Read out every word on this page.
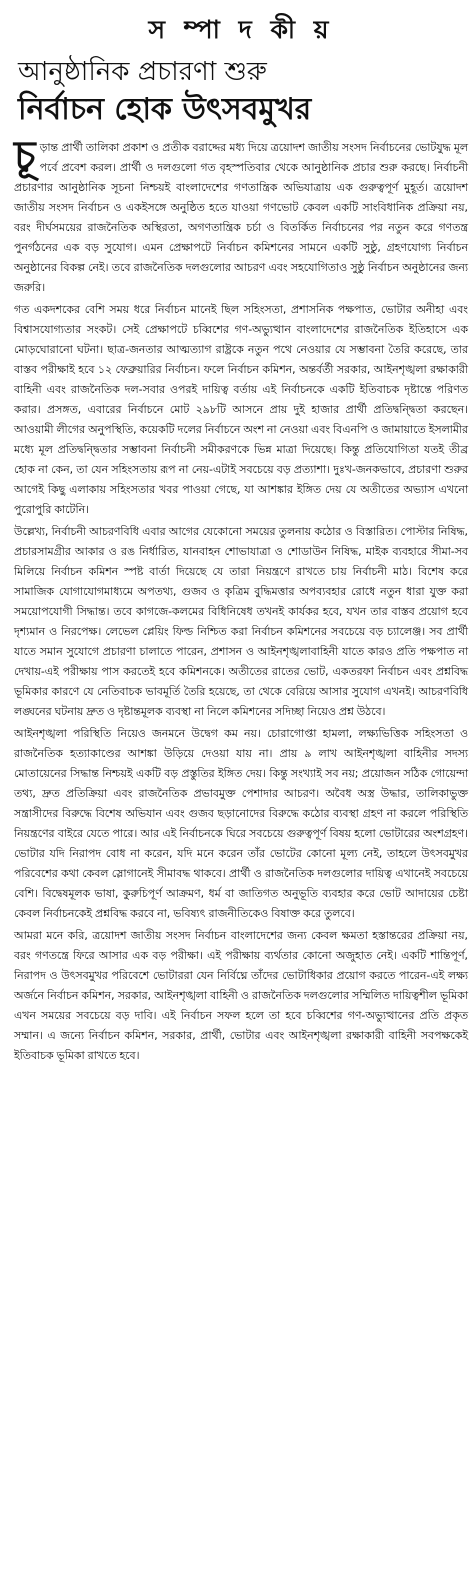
স ম্পা দ কী য়
আনুষ্ঠানিক প্রচারণা শুরু
নির্বাচন হোক উৎসবমুখর

চূড়ান্ত প্রার্থী তালিকা প্রকাশ ও প্রতীক বরাদ্দের মধ্য দিয়ে ত্রয়োদশ জাতীয় সংসদ নির্বাচনের ভোটযুদ্ধ মূল পর্বে প্রবেশ করল। প্রার্থী ও দলগুলো গত বৃহস্পতিবার থেকে আনুষ্ঠানিক প্রচার শুরু করছে। নির্বাচনী প্রচারণার আনুষ্ঠানিক সূচনা নিশ্চয়ই বাংলাদেশের গণতান্ত্রিক অভিযাত্রায় এক গুরুত্বপূর্ণ মুহূর্ত। ত্রয়োদশ জাতীয় সংসদ নির্বাচন ও একইসঙ্গে অনুষ্ঠিত হতে যাওয়া গণভোট কেবল একটি সাংবিধানিক প্রক্রিয়া নয়, বরং দীর্ঘসময়ের রাজনৈতিক অস্থিরতা, অগণতান্ত্রিক চর্চা ও বিতর্কিত নির্বাচনের পর নতুন করে গণতন্ত্র পুনর্গঠনের এক বড় সুযোগ। এমন প্রেক্ষাপটে নির্বাচন কমিশনের সামনে একটি সুষ্ঠু, গ্রহণযোগ্য নির্বাচন অনুষ্ঠানের বিকল্প নেই। তবে রাজনৈতিক দলগুলোর আচরণ এবং সহযোগিতাও সুষ্ঠু নির্বাচন অনুষ্ঠানের জন্য জরুরি।

গত একদশকের বেশি সময় ধরে নির্বাচন মানেই ছিল সহিংসতা, প্রশাসনিক পক্ষপাত, ভোটার অনীহা এবং বিশ্বাসযোগ্যতার সংকট। সেই প্রেক্ষাপটে চব্বিশের গণ-অভ্যুত্থান বাংলাদেশের রাজনৈতিক ইতিহাসে এক মোড়ঘোরানো ঘটনা। ছাত্র-জনতার আত্মত্যাগ রাষ্ট্রকে নতুন পথে নেওয়ার যে সম্ভাবনা তৈরি করেছে, তার বাস্তব পরীক্ষাই হবে ১২ ফেব্রুয়ারির নির্বাচন। ফলে নির্বাচন কমিশন, অন্তর্বর্তী সরকার, আইনশৃঙ্খলা রক্ষাকারী বাহিনী এবং রাজনৈতিক দল-সবার ওপরই দায়িত্ব বর্তায় এই নির্বাচনকে একটি ইতিবাচক দৃষ্টান্তে পরিণত করার। প্রসঙ্গত, এবারের নির্বাচনে মোট ২৯৮টি আসনে প্রায় দুই হাজার প্রার্থী প্রতিদ্বন্দ্বিতা করছেন। আওয়ামী লীগের অনুপস্থিতি, কয়েকটি দলের নির্বাচনে অংশ না নেওয়া এবং বিএনপি ও জামায়াতে ইসলামীর মধ্যে মূল প্রতিদ্বন্দ্বিতার সম্ভাবনা নির্বাচনী সমীকরণকে ভিন্ন মাত্রা দিয়েছে। কিন্তু প্রতিযোগিতা যতই তীব্র হোক না কেন, তা যেন সহিংসতায় রূপ না নেয়-এটাই সবচেয়ে বড় প্রত্যাশা। দুঃখ-জনকভাবে, প্রচারণা শুরুর আগেই কিছু এলাকায় সহিংসতার খবর পাওয়া গেছে, যা আশঙ্কার ইঙ্গিত দেয় যে অতীতের অভ্যাস এখনো পুরোপুরি কাটেনি।

উল্লেখ্য, নির্বাচনী আচরণবিধি এবার আগের যেকোনো সময়ের তুলনায় কঠোর ও বিস্তারিত। পোস্টার নিষিদ্ধ, প্রচারসামগ্রীর আকার ও রঙ নির্ধারিত, যানবাহন শোভাযাত্রা ও শোডাউন নিষিদ্ধ, মাইক ব্যবহারে সীমা-সব মিলিয়ে নির্বাচন কমিশন স্পষ্ট বার্তা দিয়েছে যে তারা নিয়ন্ত্রণে রাখতে চায় নির্বাচনী মাঠ। বিশেষ করে সামাজিক যোগাযোগমাধ্যমে অপতথ্য, গুজব ও কৃত্রিম বুদ্ধিমত্তার অপব্যবহার রোধে নতুন ধারা যুক্ত করা সময়োপযোগী সিদ্ধান্ত। তবে কাগজে-কলমের বিধিনিষেধ তখনই কার্যকর হবে, যখন তার বাস্তব প্রয়োগ হবে দৃশ্যমান ও নিরপেক্ষ। লেভেল প্লেয়িং ফিল্ড নিশ্চিত করা নির্বাচন কমিশনের সবচেয়ে বড় চ্যালেঞ্জ। সব প্রার্থী যাতে সমান সুযোগে প্রচারণা চালাতে পারেন, প্রশাসন ও আইনশৃঙ্খলাবাহিনী যাতে কারও প্রতি পক্ষপাত না দেখায়-এই পরীক্ষায় পাস করতেই হবে কমিশনকে। অতীতের রাতের ভোট, একতরফা নির্বাচন এবং প্রশ্নবিদ্ধ ভূমিকার কারণে যে নেতিবাচক ভাবমূর্তি তৈরি হয়েছে, তা থেকে বেরিয়ে আসার সুযোগ এখনই। আচরণবিধি লঙ্ঘনের ঘটনায় দ্রুত ও দৃষ্টান্তমূলক ব্যবস্থা না নিলে কমিশনের সদিচ্ছা নিয়েও প্রশ্ন উঠবে।

আইনশৃঙ্খলা পরিস্থিতি নিয়েও জনমনে উদ্বেগ কম নয়। চোরাগোপ্তা হামলা, লক্ষ্যভিত্তিক সহিংসতা ও রাজনৈতিক হত্যাকাণ্ডের আশঙ্কা উড়িয়ে দেওয়া যায় না। প্রায় ৯ লাখ আইনশৃঙ্খলা বাহিনীর সদস্য মোতায়েনের সিদ্ধান্ত নিশ্চয়ই একটি বড় প্রস্তুতির ইঙ্গিত দেয়। কিন্তু সংখ্যাই সব নয়; প্রয়োজন সঠিক গোয়েন্দা তথ্য, দ্রুত প্রতিক্রিয়া এবং রাজনৈতিক প্রভাবমুক্ত পেশাদার আচরণ। অবৈধ অস্ত্র উদ্ধার, তালিকাভুক্ত সন্ত্রাসীদের বিরুদ্ধে বিশেষ অভিযান এবং গুজব ছড়ানোদের বিরুদ্ধে কঠোর ব্যবস্থা গ্রহণ না করলে পরিস্থিতি নিয়ন্ত্রণের বাইরে যেতে পারে। আর এই নির্বাচনকে ঘিরে সবচেয়ে গুরুত্বপূর্ণ বিষয় হলো ভোটারের অংশগ্রহণ। ভোটার যদি নিরাপদ বোধ না করেন, যদি মনে করেন তাঁর ভোটের কোনো মূল্য নেই, তাহলে উৎসবমুখর পরিবেশের কথা কেবল স্লোগানেই সীমাবদ্ধ থাকবে। প্রার্থী ও রাজনৈতিক দলগুলোর দায়িত্ব এখানেই সবচেয়ে বেশি। বিদ্বেষমূলক ভাষা, কুরুচিপূর্ণ আক্রমণ, ধর্ম বা জাতিগত অনুভূতি ব্যবহার করে ভোট আদায়ের চেষ্টা কেবল নির্বাচনকেই প্রশ্নবিদ্ধ করবে না, ভবিষ্যৎ রাজনীতিকেও বিষাক্ত করে তুলবে।

আমরা মনে করি, ত্রয়োদশ জাতীয় সংসদ নির্বাচন বাংলাদেশের জন্য কেবল ক্ষমতা হস্তান্তরের প্রক্রিয়া নয়, বরং গণতন্ত্রে ফিরে আসার এক বড় পরীক্ষা। এই পরীক্ষায় ব্যর্থতার কোনো অজুহাত নেই। একটি শান্তিপূর্ণ, নিরাপদ ও উৎসবমুখর পরিবেশে ভোটাররা যেন নির্বিঘ্নে তাঁদের ভোটাধিকার প্রয়োগ করতে পারেন-এই লক্ষ্য অর্জনে নির্বাচন কমিশন, সরকার, আইনশৃঙ্খলা বাহিনী ও রাজনৈতিক দলগুলোর সম্মিলিত দায়িত্বশীল ভূমিকা এখন সময়ের সবচেয়ে বড় দাবি। এই নির্বাচন সফল হলে তা হবে চব্বিশের গণ-অভ্যুত্থানের প্রতি প্রকৃত সম্মান। এ জন্যে নির্বাচন কমিশন, সরকার, প্রার্থী, ভোটার এবং আইনশৃঙ্খলা রক্ষাকারী বাহিনী সবপক্ষকেই ইতিবাচক ভূমিকা রাখতে হবে।
